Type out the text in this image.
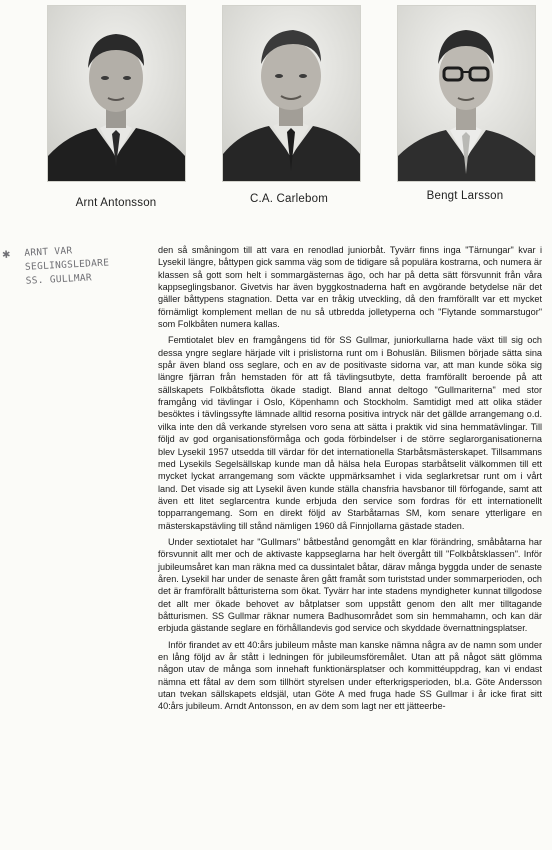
Arnt Antonsson	C.A. Carlebom	Bengt Larsson
✱ ARNT VAR
SEGLINGSLEDARE
SS. GULLMAR

den så småningom till att vara en renodlad juniorbåt. Tyvärr finns inga "Tärnungar" kvar i Lysekil längre, båttypen gick samma väg som de tidigare så populära kostrarna, och numera är klassen så gott som helt i sommargästernas ägo, och har på detta sätt försvunnit från våra kappseglingsbanor. Givetvis har även byggkostnaderna haft en avgörande betydelse när det gäller båttypens stagnation. Detta var en tråkig utveckling, då den framförallt var ett mycket förnämligt komplement mellan de nu så utbredda jolletyperna och "Flytande sommarstugor" som Folkbåten numera kallas.

Femtiotalet blev en framgångens tid för SS Gullmar, juniorkullarna hade växt till sig och dessa yngre seglare härjade vilt i prislistorna runt om i Bohuslän. Bilismen började sätta sina spår även bland oss seglare, och en av de positivaste sidorna var, att man kunde söka sig längre fjärran från hemstaden för att få tävlingsutbyte, detta framförallt beroende på att sällskapets Folkbåtsflotta ökade stadigt. Bland annat deltogo "Gullmariterna" med stor framgång vid tävlingar i Oslo, Köpenhamn och Stockholm. Samtidigt med att olika städer besöktes i tävlingssyfte lämnade alltid resorna positiva intryck när det gällde arrangemang o.d. vilka inte den då verkande styrelsen voro sena att sätta i praktik vid sina hemmatävlingar. Till följd av god organisationsförmåga och goda förbindelser i de större seglarorganisationerna blev Lysekil 1957 utsedda till värdar för det internationella Starbåtsmästerskapet. Tillsammans med Lysekils Segelsällskap kunde man då hälsa hela Europas starbåtselit välkommen till ett mycket lyckat arrangemang som väckte uppmärksamhet i vida seglarkretsar runt om i vårt land. Det visade sig att Lysekil även kunde ställa chansfria havsbanor till förfogande, samt att även ett litet seglarcentra kunde erbjuda den service som fordras för ett internationellt topparrangemang. Som en direkt följd av Starbåtarnas SM, kom senare ytterligare en mästerskapstävling till stånd nämligen 1960 då Finnjollarna gästade staden.

Under sextiotalet har "Gullmars" båtbestånd genomgått en klar förändring, småbåtarna har försvunnit allt mer och de aktivaste kappseglarna har helt övergått till "Folkbåtsklassen". Inför jubileumsåret kan man räkna med ca dussintalet båtar, därav många byggda under de senaste åren. Lysekil har under de senaste åren gått framåt som turiststad under sommarperioden, och det är framförallt båtturisterna som ökat. Tyvärr har inte stadens myndigheter kunnat tillgodose det allt mer ökade behovet av båtplatser som uppstått genom den allt mer tilltagande båtturismen. SS Gullmar räknar numera Badhusområdet som sin hemmahamn, och kan där erbjuda gästande seglare en förhållandevis god service och skyddade övernattningsplatser.

Inför firandet av ett 40:års jubileum måste man kanske nämna några av de namn som under en lång följd av år stått i ledningen för jubileumsföremålet. Utan att på något sätt glömma någon utav de många som innehaft funktionärsplatser och kommittéuppdrag, kan vi endast nämna ett fåtal av dem som tillhört styrelsen under efterkrigsperioden, bl.a. Göte Andersson utan tvekan sällskapets eldsjäl, utan Göte A med fruga hade SS Gullmar i år icke firat sitt 40:års jubileum. Arndt Antonsson, en av dem som lagt ner ett jätteerbe-
